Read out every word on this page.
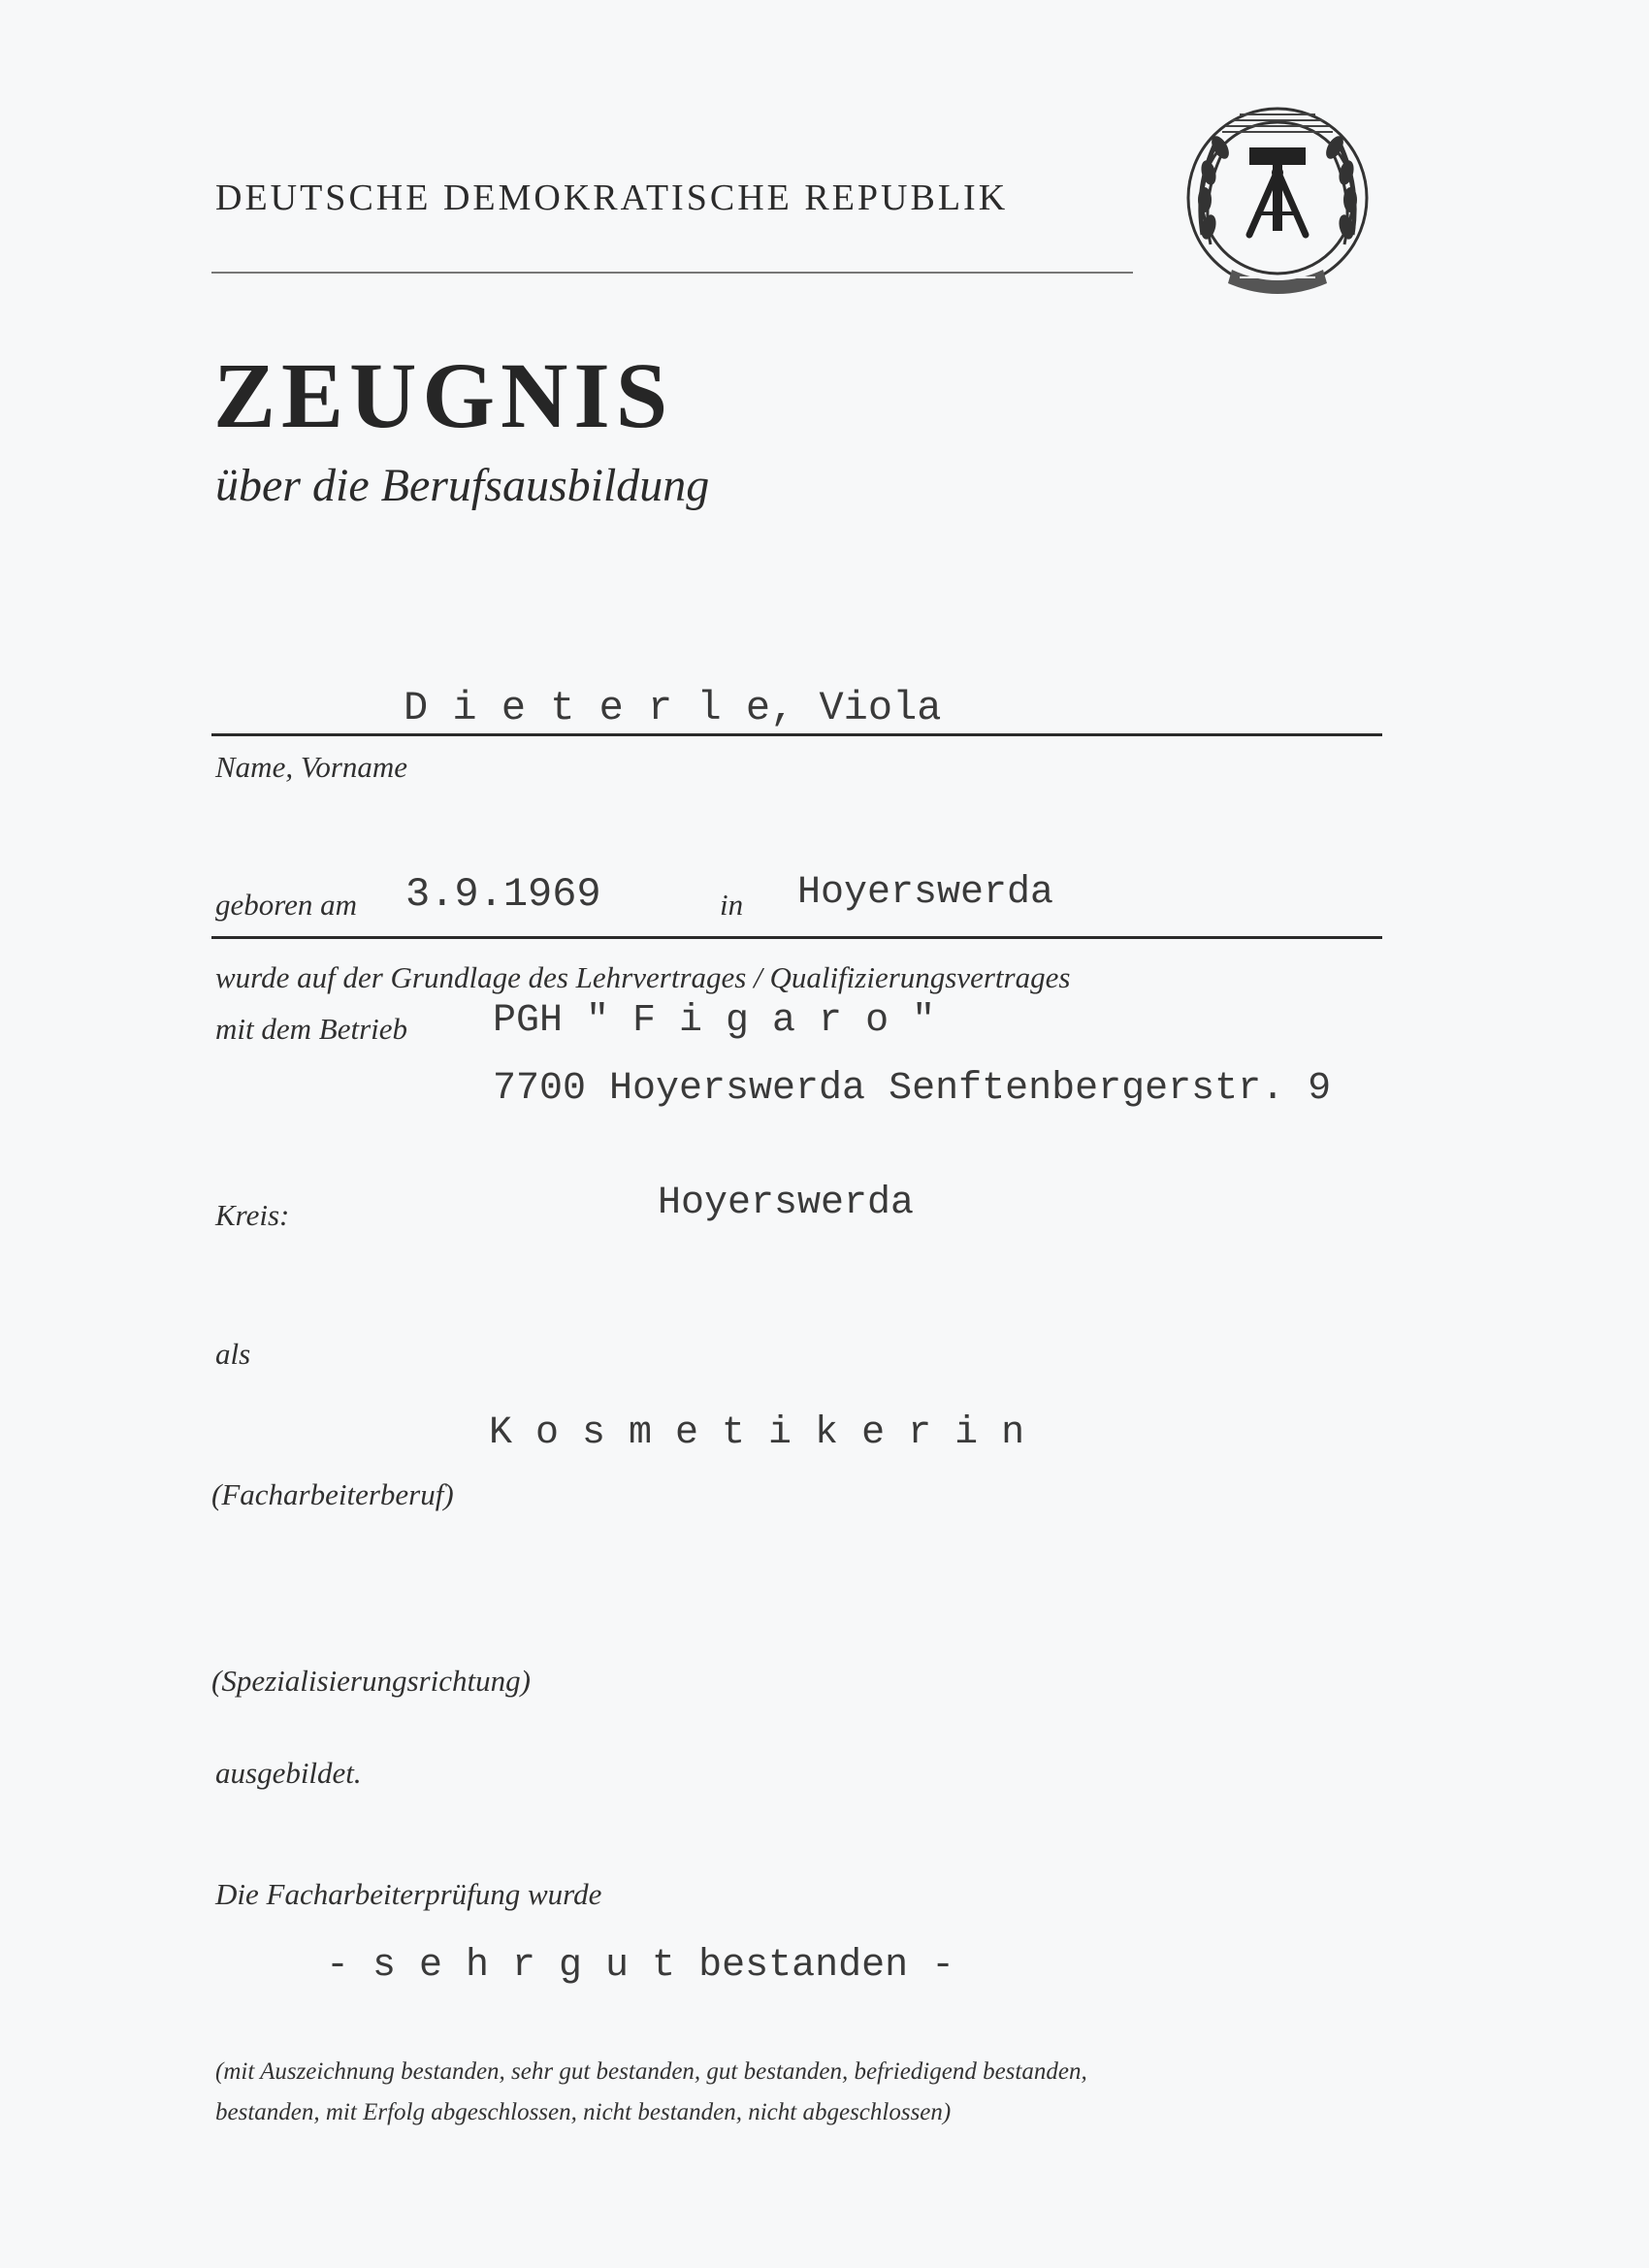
DEUTSCHE DEMOKRATISCHE REPUBLIK
ZEUGNIS
über die Berufsausbildung
D i e t e r l e, Viola
Name, Vorname
geboren am 3.9.1969	in Hoyerswerda
wurde auf der Grundlage des Lehrvertrages / Qualifizierungsvertrages
mit dem Betrieb PGH " F i g a r o "
7700 Hoyerswerda Senftenbergerstr. 9
Kreis:	Hoyerswerda
als
K o s m e t i k e r i n
(Facharbeiterberuf)
(Spezialisierungsrichtung)
ausgebildet.
Die Facharbeiterprüfung wurde
- s e h r g u t bestanden -
(mit Auszeichnung bestanden, sehr gut bestanden, gut bestanden, befriedigend bestanden,
bestanden, mit Erfolg abgeschlossen, nicht bestanden, nicht abgeschlossen)
